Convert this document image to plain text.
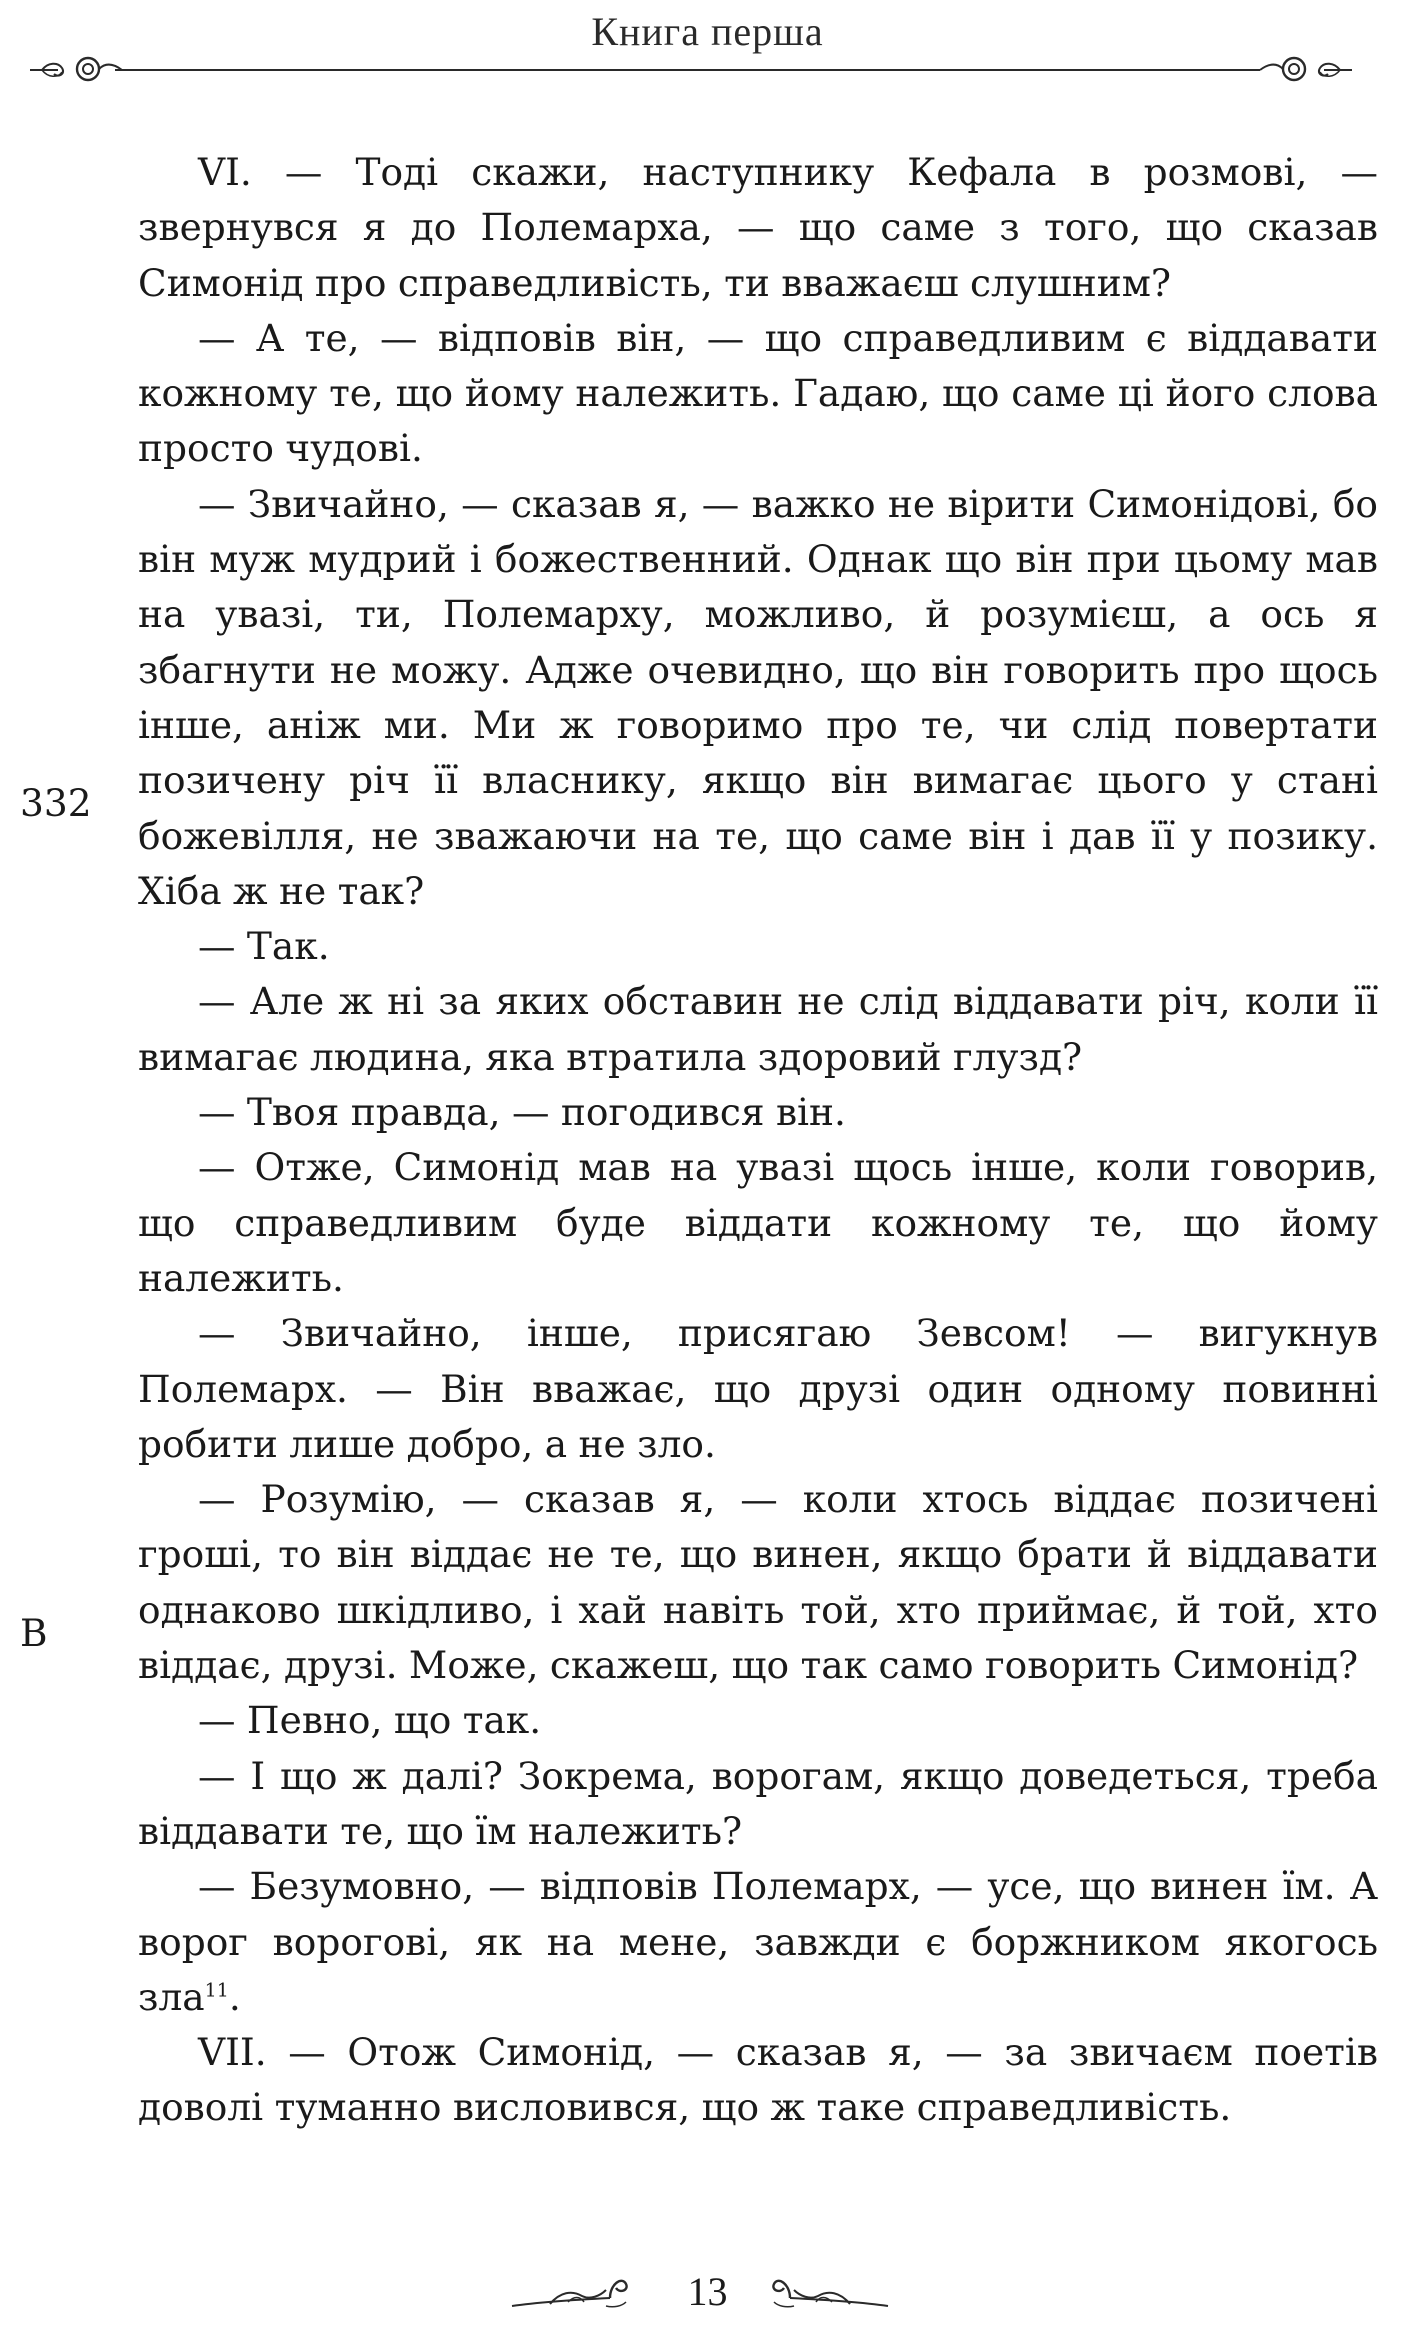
Книга перша
332
B

VI. — Тоді скажи, наступнику Кефала в розмові, — звернувся я до Полемарха, — що саме з того, що сказав Симонід про справедливість, ти вважаєш слушним?

— А те, — відповів він, — що справедливим є віддавати кожному те, що йому належить. Гадаю, що саме ці його слова просто чудові.

— Звичайно, — сказав я, — важко не вірити Симонідові, бо він муж мудрий і божественний. Однак що він при цьому мав на увазі, ти, Полемарху, можливо, й розумієш, а ось я збагнути не можу. Адже очевидно, що він говорить про щось інше, аніж ми. Ми ж говоримо про те, чи слід повертати позичену річ її власнику, якщо він вимагає цього у стані божевілля, не зважаючи на те, що саме він і дав її у позику. Хіба ж не так?

— Так.

— Але ж ні за яких обставин не слід віддавати річ, коли її вимагає людина, яка втратила здоровий глузд?

— Твоя правда, — погодився він.

— Отже, Симонід мав на увазі щось інше, коли говорив, що справедливим буде віддати кожному те, що йому належить.

— Звичайно, інше, присягаю Зевсом! — вигукнув Полемарх. — Він вважає, що друзі один одному повинні робити лише добро, а не зло.

— Розумію, — сказав я, — коли хтось віддає позичені гроші, то він віддає не те, що винен, якщо брати й віддавати однаково шкідливо, і хай навіть той, хто приймає, й той, хто віддає, друзі. Може, скажеш, що так само говорить Симонід?

— Певно, що так.

— І що ж далі? Зокрема, ворогам, якщо доведеться, треба віддавати те, що їм належить?

— Безумовно, — відповів Полемарх, — усе, що винен їм. А ворог ворогові, як на мене, завжди є боржником якогось зла$^{11}$.

VII. — Отож Симонід, — сказав я, — за звичаєм поетів доволі туманно висловився, що ж таке справедливість.

13
